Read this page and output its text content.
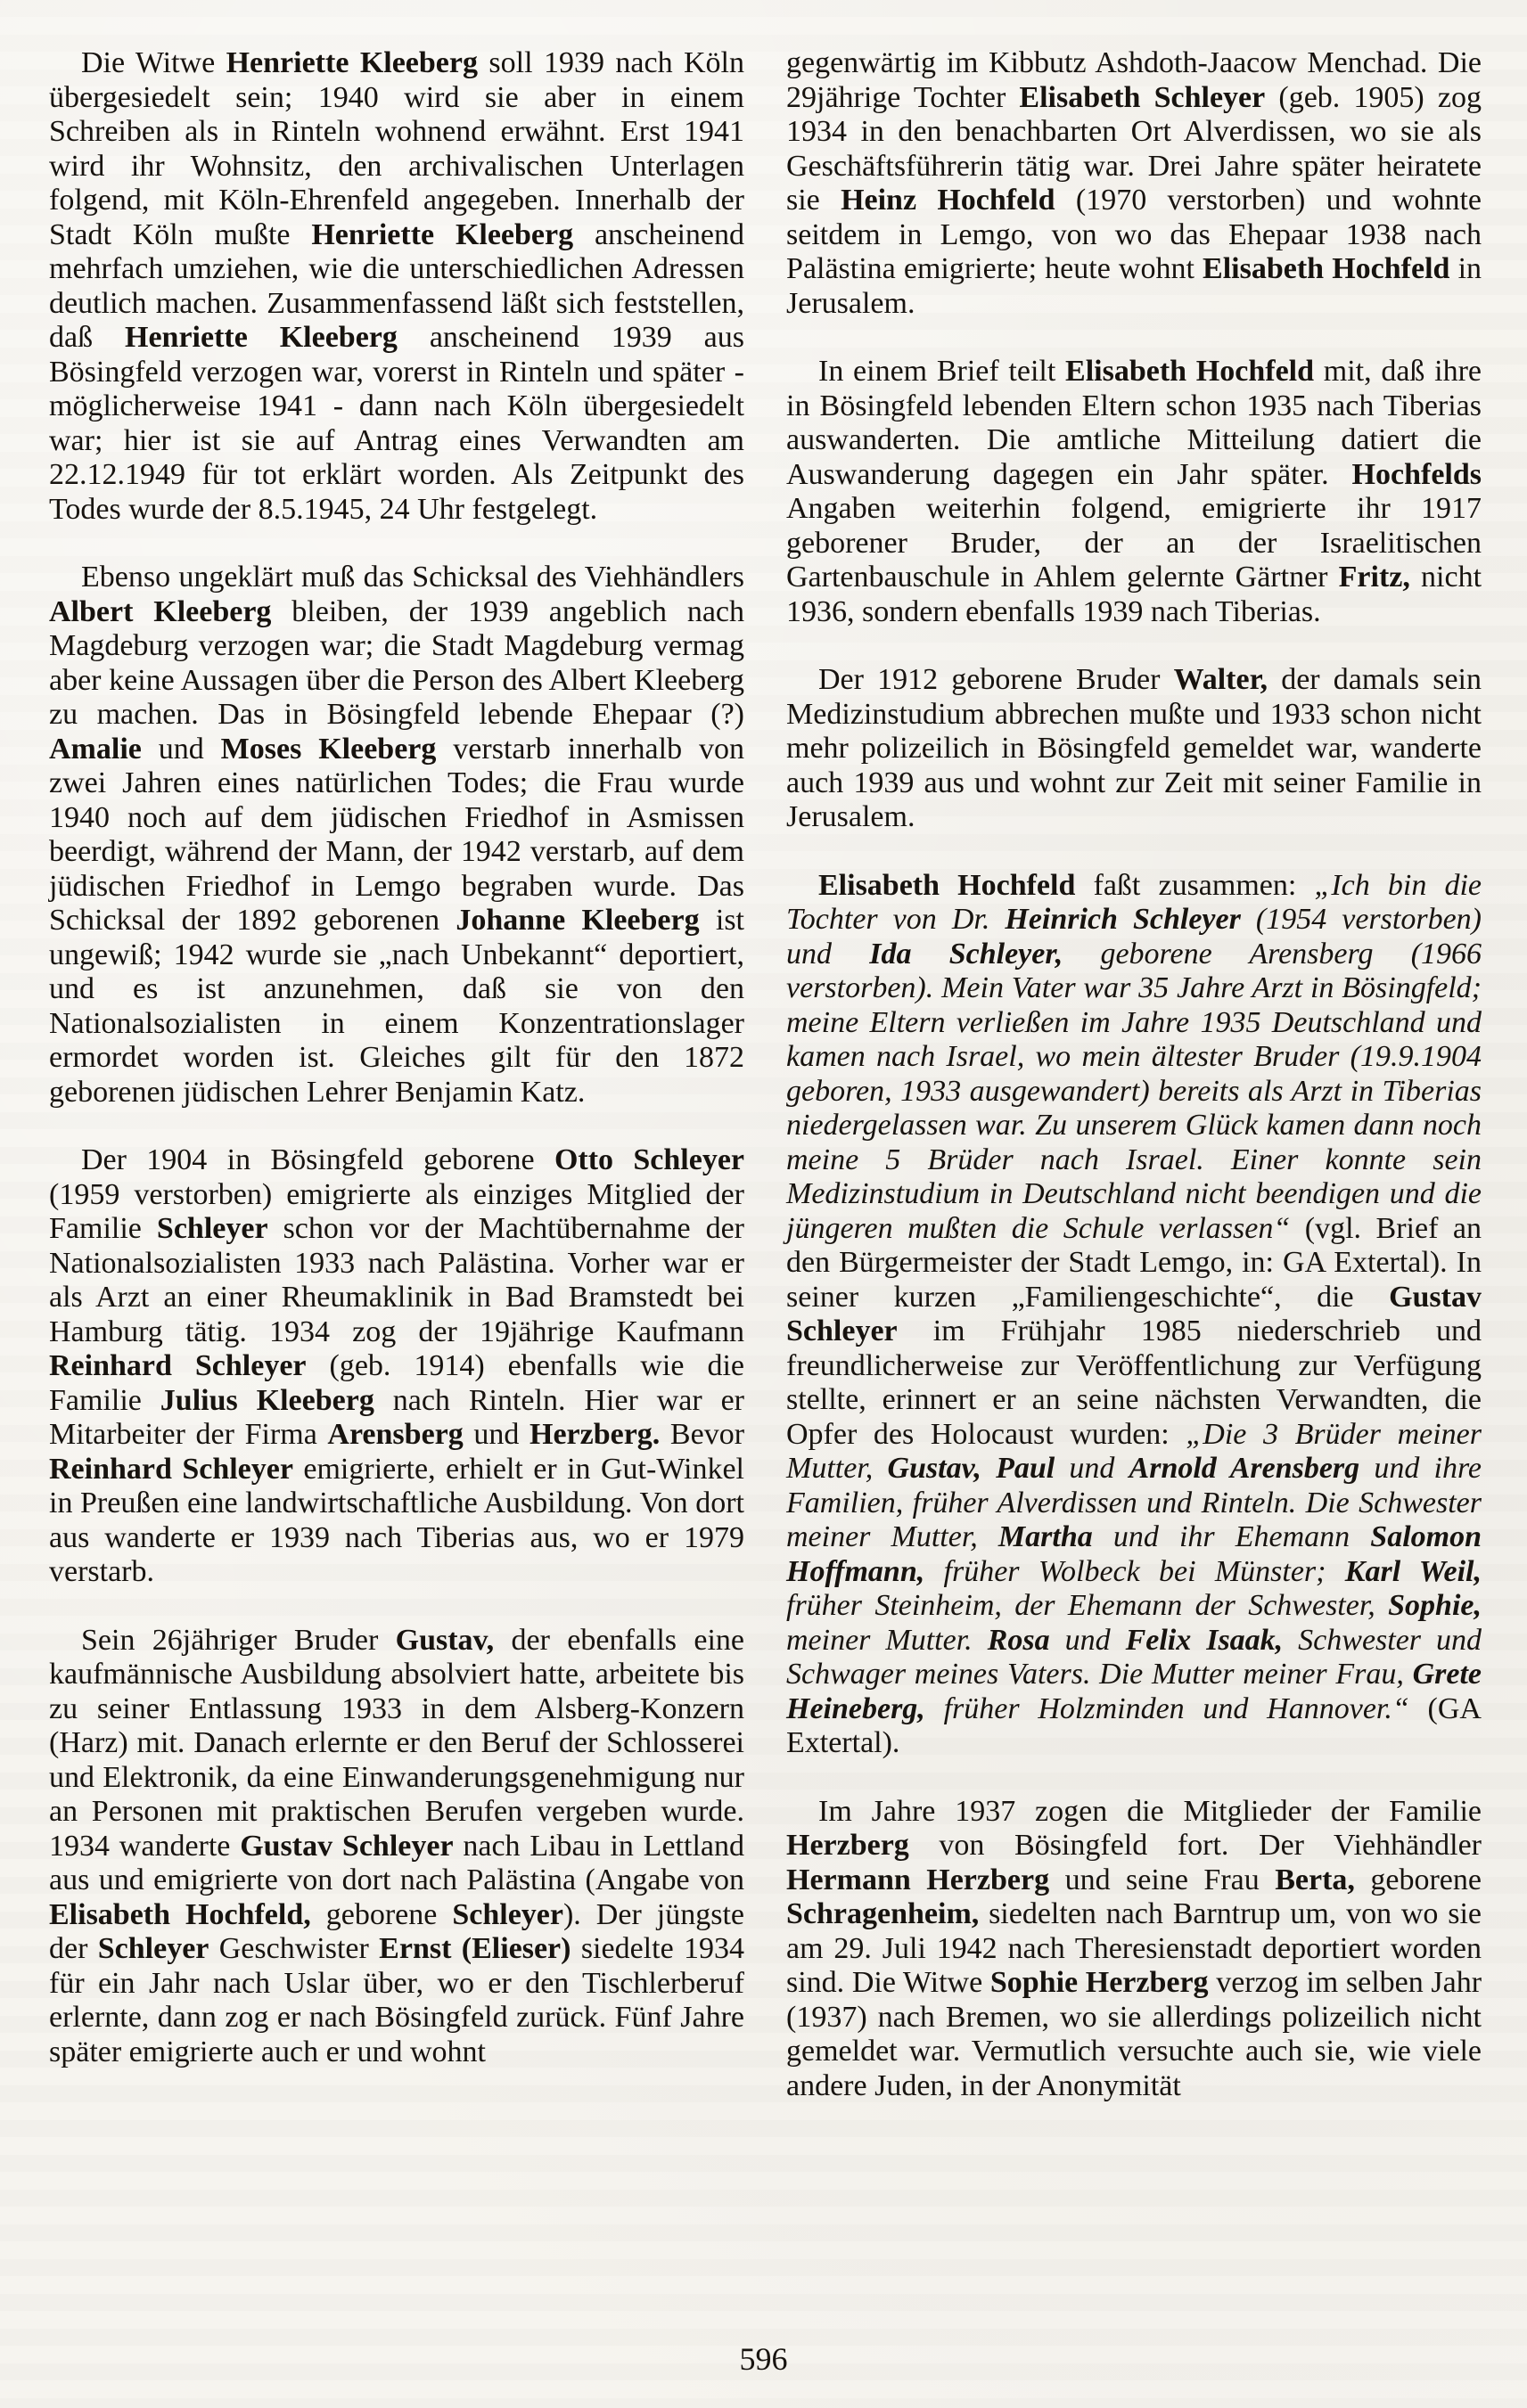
Die Witwe Henriette Kleeberg soll 1939 nach Köln übergesiedelt sein; 1940 wird sie aber in einem Schreiben als in Rinteln wohnend erwähnt. Erst 1941 wird ihr Wohnsitz, den archivalischen Unterlagen folgend, mit Köln-Ehrenfeld angegeben. Innerhalb der Stadt Köln mußte Henriette Kleeberg anscheinend mehrfach umziehen, wie die unterschiedlichen Adressen deutlich machen. Zusammenfassend läßt sich feststellen, daß Henriette Kleeberg anscheinend 1939 aus Bösingfeld verzogen war, vorerst in Rinteln und später - möglicherweise 1941 - dann nach Köln übergesiedelt war; hier ist sie auf Antrag eines Verwandten am 22.12.1949 für tot erklärt worden. Als Zeitpunkt des Todes wurde der 8.5.1945, 24 Uhr festgelegt.

Ebenso ungeklärt muß das Schicksal des Viehhändlers Albert Kleeberg bleiben, der 1939 angeblich nach Magdeburg verzogen war; die Stadt Magdeburg vermag aber keine Aussagen über die Person des Albert Kleeberg zu machen. Das in Bösingfeld lebende Ehepaar (?) Amalie und Moses Kleeberg verstarb innerhalb von zwei Jahren eines natürlichen Todes; die Frau wurde 1940 noch auf dem jüdischen Friedhof in Asmissen beerdigt, während der Mann, der 1942 verstarb, auf dem jüdischen Friedhof in Lemgo begraben wurde. Das Schicksal der 1892 geborenen Johanne Kleeberg ist ungewiß; 1942 wurde sie „nach Unbekannt“ deportiert, und es ist anzunehmen, daß sie von den Nationalsozialisten in einem Konzentrationslager ermordet worden ist. Gleiches gilt für den 1872 geborenen jüdischen Lehrer Benjamin Katz.

Der 1904 in Bösingfeld geborene Otto Schleyer (1959 verstorben) emigrierte als einziges Mitglied der Familie Schleyer schon vor der Machtübernahme der Nationalsozialisten 1933 nach Palästina. Vorher war er als Arzt an einer Rheumaklinik in Bad Bramstedt bei Hamburg tätig. 1934 zog der 19jährige Kaufmann Reinhard Schleyer (geb. 1914) ebenfalls wie die Familie Julius Kleeberg nach Rinteln. Hier war er Mitarbeiter der Firma Arensberg und Herzberg. Bevor Reinhard Schleyer emigrierte, erhielt er in Gut-Winkel in Preußen eine landwirtschaftliche Ausbildung. Von dort aus wanderte er 1939 nach Tiberias aus, wo er 1979 verstarb.

Sein 26jähriger Bruder Gustav, der ebenfalls eine kaufmännische Ausbildung absolviert hatte, arbeitete bis zu seiner Entlassung 1933 in dem Alsberg-Konzern (Harz) mit. Danach erlernte er den Beruf der Schlosserei und Elektronik, da eine Einwanderungsgenehmigung nur an Personen mit praktischen Berufen vergeben wurde. 1934 wanderte Gustav Schleyer nach Libau in Lettland aus und emigrierte von dort nach Palästina (Angabe von Elisabeth Hochfeld, geborene Schleyer). Der jüngste der Schleyer Geschwister Ernst (Elieser) siedelte 1934 für ein Jahr nach Uslar über, wo er den Tischlerberuf erlernte, dann zog er nach Bösingfeld zurück. Fünf Jahre später emigrierte auch er und wohnt

gegenwärtig im Kibbutz Ashdoth-Jaacow Menchad. Die 29jährige Tochter Elisabeth Schleyer (geb. 1905) zog 1934 in den benachbarten Ort Alverdissen, wo sie als Geschäftsführerin tätig war. Drei Jahre später heiratete sie Heinz Hochfeld (1970 verstorben) und wohnte seitdem in Lemgo, von wo das Ehepaar 1938 nach Palästina emigrierte; heute wohnt Elisabeth Hochfeld in Jerusalem.

In einem Brief teilt Elisabeth Hochfeld mit, daß ihre in Bösingfeld lebenden Eltern schon 1935 nach Tiberias auswanderten. Die amtliche Mitteilung datiert die Auswanderung dagegen ein Jahr später. Hochfelds Angaben weiterhin folgend, emigrierte ihr 1917 geborener Bruder, der an der Israelitischen Gartenbauschule in Ahlem gelernte Gärtner Fritz, nicht 1936, sondern ebenfalls 1939 nach Tiberias.

Der 1912 geborene Bruder Walter, der damals sein Medizinstudium abbrechen mußte und 1933 schon nicht mehr polizeilich in Bösingfeld gemeldet war, wanderte auch 1939 aus und wohnt zur Zeit mit seiner Familie in Jerusalem.

Elisabeth Hochfeld faßt zusammen: „Ich bin die Tochter von Dr. Heinrich Schleyer (1954 verstorben) und Ida Schleyer, geborene Arensberg (1966 verstorben). Mein Vater war 35 Jahre Arzt in Bösingfeld; meine Eltern verließen im Jahre 1935 Deutschland und kamen nach Israel, wo mein ältester Bruder (19.9.1904 geboren, 1933 ausgewandert) bereits als Arzt in Tiberias niedergelassen war. Zu unserem Glück kamen dann noch meine 5 Brüder nach Israel. Einer konnte sein Medizinstudium in Deutschland nicht beendigen und die jüngeren mußten die Schule verlassen“ (vgl. Brief an den Bürgermeister der Stadt Lemgo, in: GA Extertal). In seiner kurzen „Familiengeschichte“, die Gustav Schleyer im Frühjahr 1985 niederschrieb und freundlicherweise zur Veröffentlichung zur Verfügung stellte, erinnert er an seine nächsten Verwandten, die Opfer des Holocaust wurden: „Die 3 Brüder meiner Mutter, Gustav, Paul und Arnold Arensberg und ihre Familien, früher Alverdissen und Rinteln. Die Schwester meiner Mutter, Martha und ihr Ehemann Salomon Hoffmann, früher Wolbeck bei Münster; Karl Weil, früher Steinheim, der Ehemann der Schwester, Sophie, meiner Mutter. Rosa und Felix Isaak, Schwester und Schwager meines Vaters. Die Mutter meiner Frau, Grete Heineberg, früher Holzminden und Hannover.“ (GA Extertal).

Im Jahre 1937 zogen die Mitglieder der Familie Herzberg von Bösingfeld fort. Der Viehhändler Hermann Herzberg und seine Frau Berta, geborene Schragenheim, siedelten nach Barntrup um, von wo sie am 29. Juli 1942 nach Theresienstadt deportiert worden sind. Die Witwe Sophie Herzberg verzog im selben Jahr (1937) nach Bremen, wo sie allerdings polizeilich nicht gemeldet war. Vermutlich versuchte auch sie, wie viele andere Juden, in der Anonymität

596
